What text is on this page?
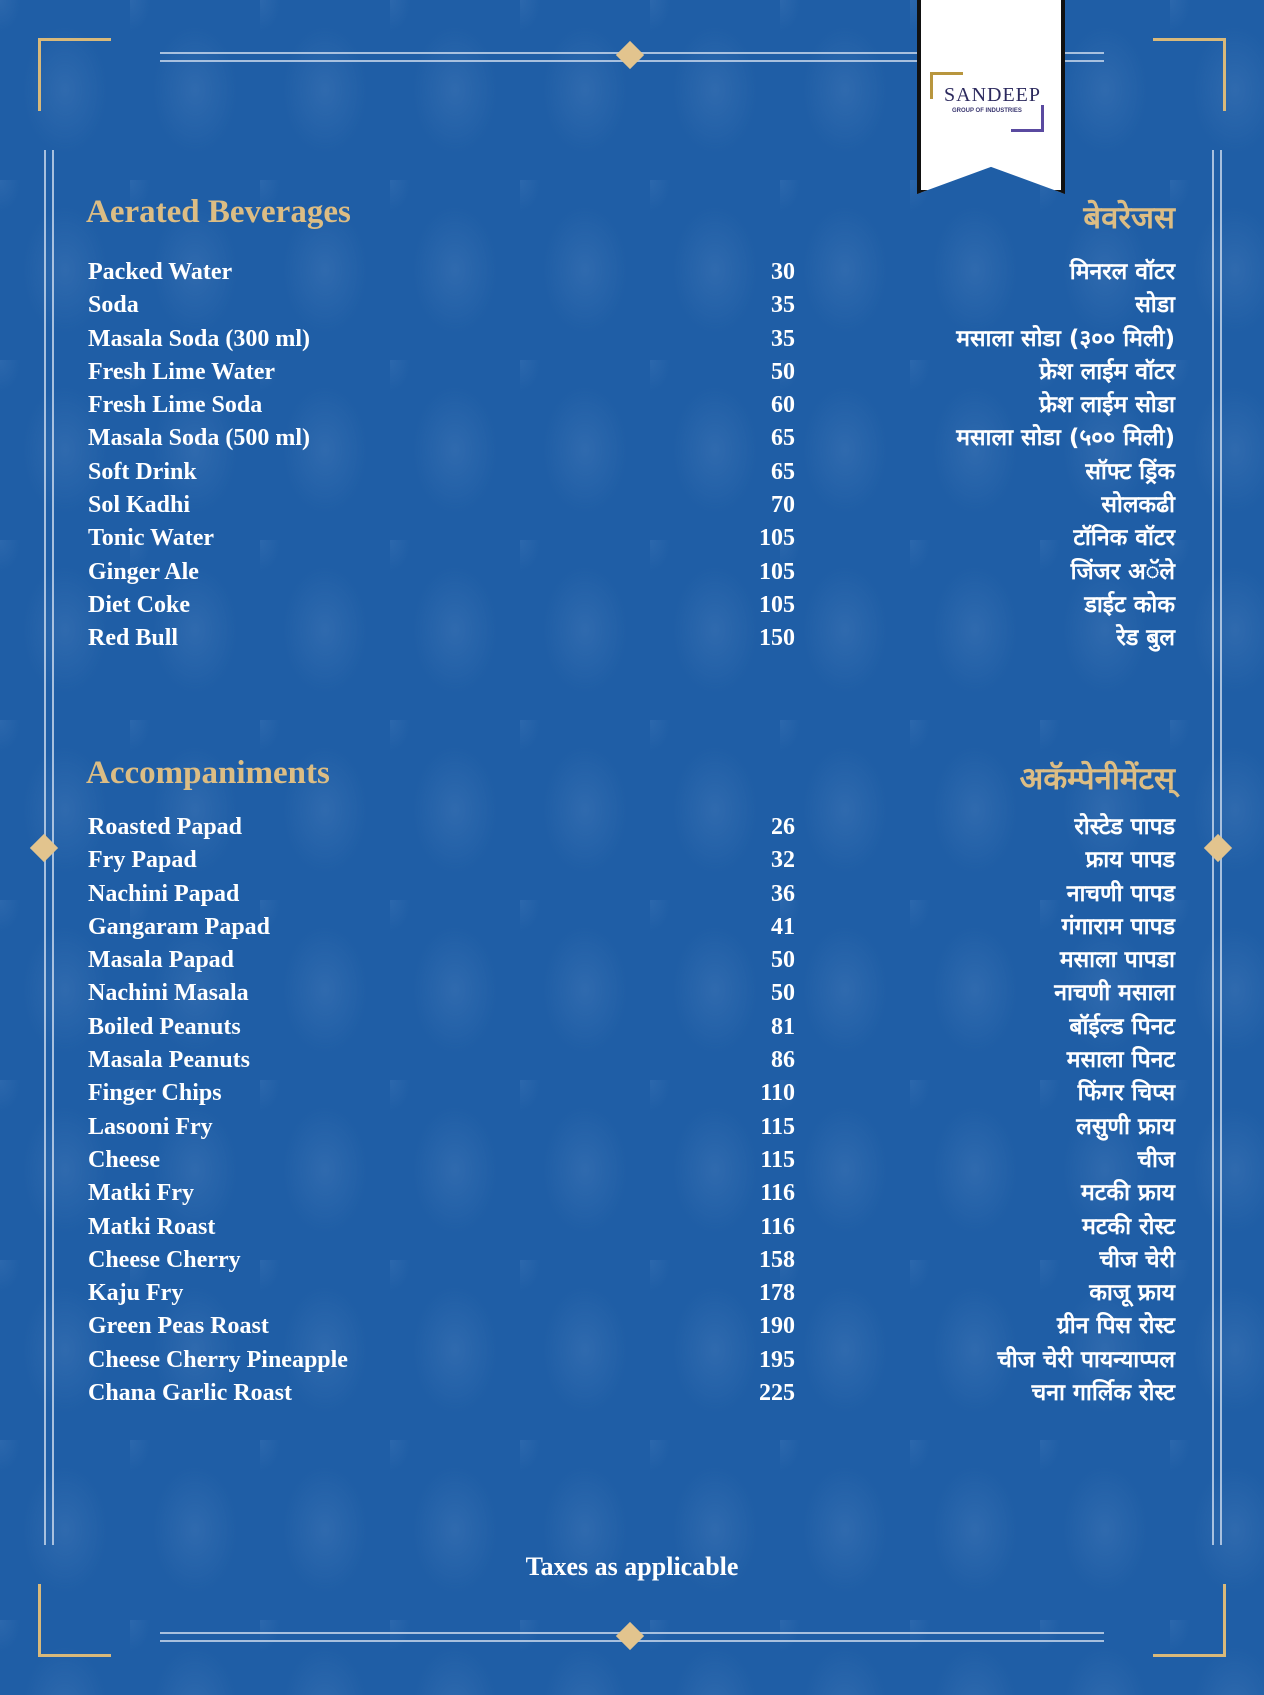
SANDEEP
GROUP OF INDUSTRIES
Aerated Beverages	बेवरेजस
Packed Water	30	मिनरल वॉटर
Soda	35	सोडा
Masala Soda (300 ml)	35	मसाला सोडा (३०० मिली)
Fresh Lime Water	50	फ्रेश लाईम वॉटर
Fresh Lime Soda	60	फ्रेश लाईम सोडा
Masala Soda (500 ml)	65	मसाला सोडा (५०० मिली)
Soft Drink	65	सॉफ्ट ड्रिंक
Sol Kadhi	70	सोलकढी
Tonic Water	105	टॉनिक वॉटर
Ginger Ale	105	जिंजर अॅले
Diet Coke	105	डाईट कोक
Red Bull	150	रेड बुल
Accompaniments	अकॅम्पेनीमेंटस्
Roasted Papad	26	रोस्टेड पापड
Fry Papad	32	फ्राय पापड
Nachini Papad	36	नाचणी पापड
Gangaram Papad	41	गंगाराम पापड
Masala Papad	50	मसाला पापडा
Nachini Masala	50	नाचणी मसाला
Boiled Peanuts	81	बॉईल्ड पिनट
Masala Peanuts	86	मसाला पिनट
Finger Chips	110	फिंगर चिप्स
Lasooni Fry	115	लसुणी फ्राय
Cheese	115	चीज
Matki Fry	116	मटकी फ्राय
Matki Roast	116	मटकी रोस्ट
Cheese Cherry	158	चीज चेरी
Kaju Fry	178	काजू फ्राय
Green Peas Roast	190	ग्रीन पिस रोस्ट
Cheese Cherry Pineapple	195	चीज चेरी पायन्याप्पल
Chana Garlic Roast	225	चना गार्लिक रोस्ट
Taxes as applicable
